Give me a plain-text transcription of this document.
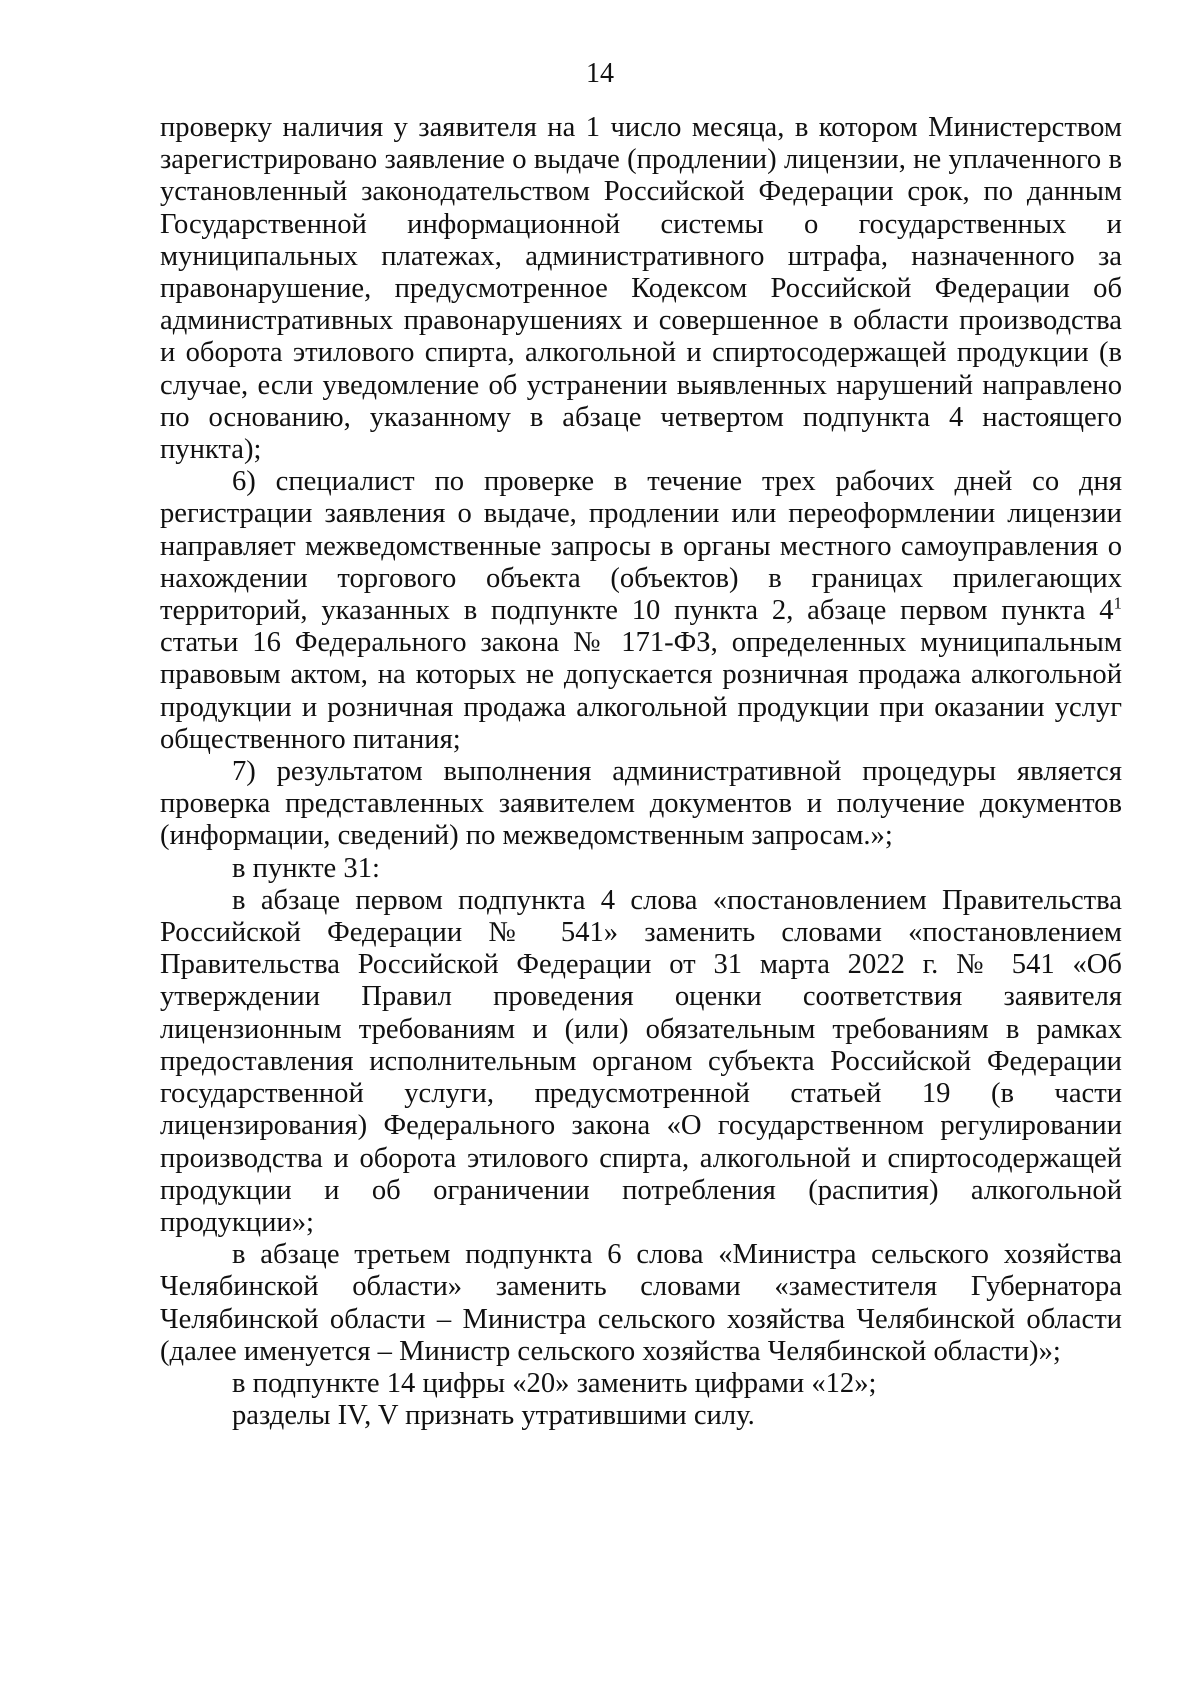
14

проверку наличия у заявителя на 1 число месяца, в котором Министерством зарегистрировано заявление о выдаче (продлении) лицензии, не уплаченного в установленный законодательством Российской Федерации срок, по данным Государственной информационной системы о государственных и муниципальных платежах, административного штрафа, назначенного за правонарушение, предусмотренное Кодексом Российской Федерации об административных правонарушениях и совершенное в области производства и оборота этилового спирта, алкогольной и спиртосодержащей продукции (в случае, если уведомление об устранении выявленных нарушений направлено по основанию, указанному в абзаце четвертом подпункта 4 настоящего пункта);

6) специалист по проверке в течение трех рабочих дней со дня регистрации заявления о выдаче, продлении или переоформлении лицензии направляет межведомственные запросы в органы местного самоуправления о нахождении торгового объекта (объектов) в границах прилегающих территорий, указанных в подпункте 10 пункта 2, абзаце первом пункта $4^1$ статьи 16 Федерального закона № 171-ФЗ, определенных муниципальным правовым актом, на которых не допускается розничная продажа алкогольной продукции и розничная продажа алкогольной продукции при оказании услуг общественного питания;

7) результатом выполнения административной процедуры является проверка представленных заявителем документов и получение документов (информации, сведений) по межведомственным запросам.»;

в пункте 31:

в абзаце первом подпункта 4 слова «постановлением Правительства Российской Федерации № 541» заменить словами «постановлением Правительства Российской Федерации от 31 марта 2022 г. № 541 «Об утверждении Правил проведения оценки соответствия заявителя лицензионным требованиям и (или) обязательным требованиям в рамках предоставления исполнительным органом субъекта Российской Федерации государственной услуги, предусмотренной статьей 19 (в части лицензирования) Федерального закона «О государственном регулировании производства и оборота этилового спирта, алкогольной и спиртосодержащей продукции и об ограничении потребления (распития) алкогольной продукции»;

в абзаце третьем подпункта 6 слова «Министра сельского хозяйства Челябинской области» заменить словами «заместителя Губернатора Челябинской области – Министра сельского хозяйства Челябинской области (далее именуется – Министр сельского хозяйства Челябинской области)»;

в подпункте 14 цифры «20» заменить цифрами «12»;

разделы IV, V признать утратившими силу.
